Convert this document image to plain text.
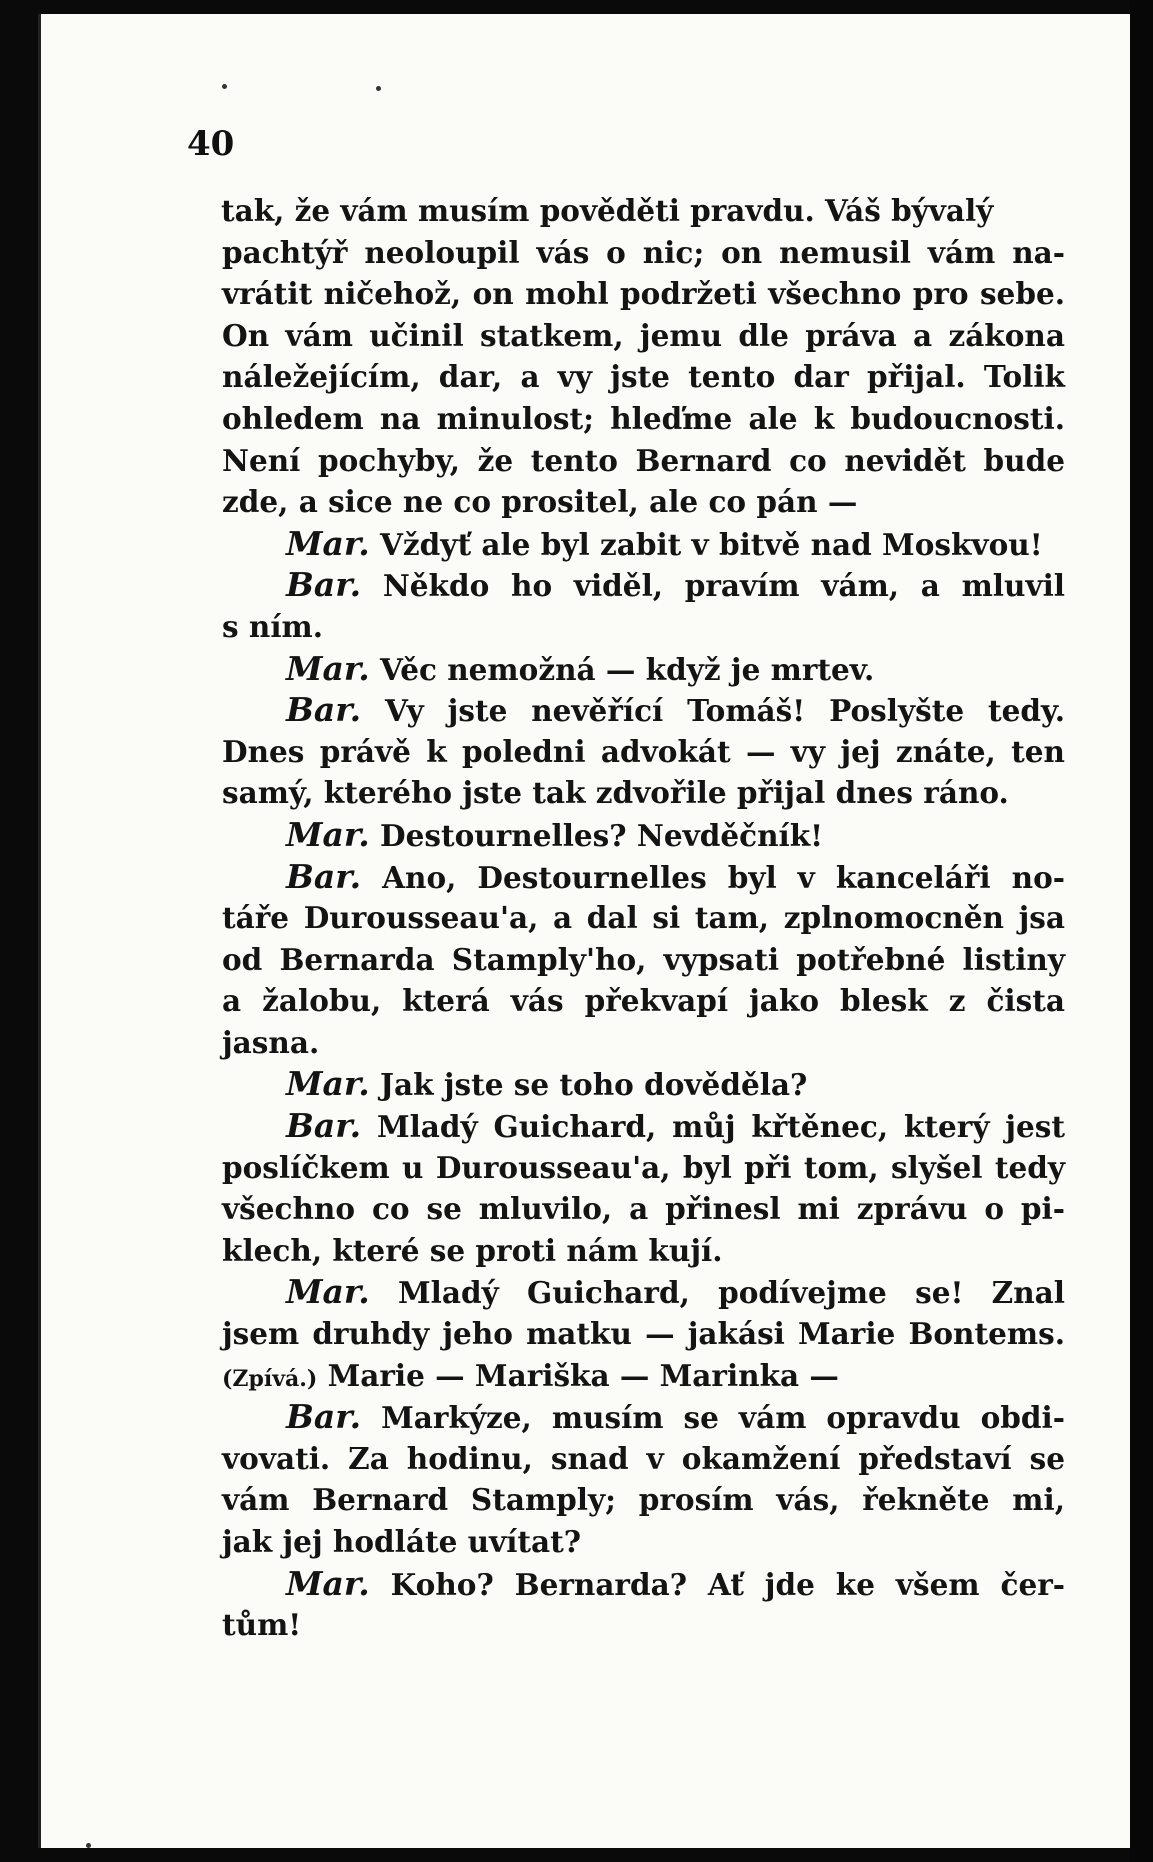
40
tak, že vám musím pověděti pravdu. Váš bývalý
pachtýř neoloupil vás o nic; on nemusil vám na-
vrátit ničehož, on mohl podržeti všechno pro sebe.
On vám učinil statkem, jemu dle práva a zákona
náležejícím, dar, a vy jste tento dar přijal. Tolik
ohledem na minulost; hleďme ale k budoucnosti.
Není pochyby, že tento Bernard co nevidět bude
zde, a sice ne co prositel, ale co pán —
Mar. Vždyť ale byl zabit v bitvě nad Moskvou!
Bar. Někdo ho viděl, pravím vám, a mluvil
s ním.
Mar. Věc nemožná — když je mrtev.
Bar. Vy jste nevěřící Tomáš! Poslyšte tedy.
Dnes právě k poledni advokát — vy jej znáte, ten
samý, kterého jste tak zdvořile přijal dnes ráno.
Mar. Destournelles? Nevděčník!
Bar. Ano, Destournelles byl v kanceláři no-
táře Durousseau'a, a dal si tam, zplnomocněn jsa
od Bernarda Stamply'ho, vypsati potřebné listiny
a žalobu, která vás překvapí jako blesk z čista
jasna.
Mar. Jak jste se toho dověděla?
Bar. Mladý Guichard, můj křtěnec, který jest
poslíčkem u Durousseau'a, byl při tom, slyšel tedy
všechno co se mluvilo, a přinesl mi zprávu o pi-
klech, které se proti nám kují.
Mar. Mladý Guichard, podívejme se! Znal
jsem druhdy jeho matku — jakási Marie Bontems.
(Zpívá.) Marie — Mariška — Marinka —
Bar. Markýze, musím se vám opravdu obdi-
vovati. Za hodinu, snad v okamžení představí se
vám Bernard Stamply; prosím vás, řekněte mi,
jak jej hodláte uvítat?
Mar. Koho? Bernarda? Ať jde ke všem čer-
tům!
